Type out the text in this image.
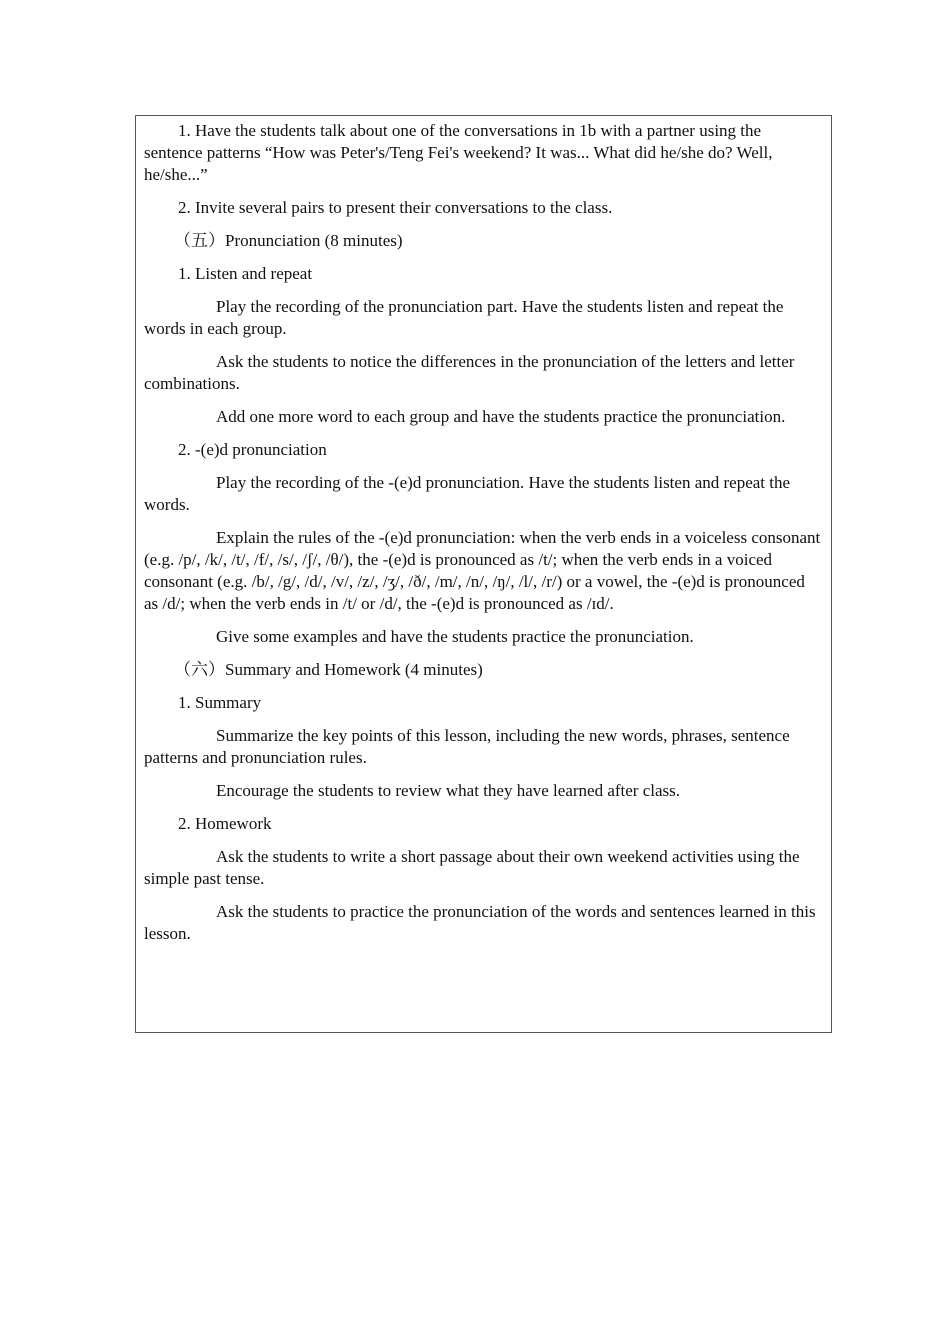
1. Have the students talk about one of the conversations in 1b with a partner using the sentence patterns “How was Peter's/Teng Fei's weekend? It was... What did he/she do? Well, he/she...”

2. Invite several pairs to present their conversations to the class.

（五）Pronunciation (8 minutes)

1. Listen and repeat

Play the recording of the pronunciation part. Have the students listen and repeat the words in each group.

Ask the students to notice the differences in the pronunciation of the letters and letter combinations.

Add one more word to each group and have the students practice the pronunciation.

2. -(e)d pronunciation

Play the recording of the -(e)d pronunciation. Have the students listen and repeat the words.

Explain the rules of the -(e)d pronunciation: when the verb ends in a voiceless consonant (e.g. /p/, /k/, /t/, /f/, /s/, /ʃ/, /θ/), the -(e)d is pronounced as /t/; when the verb ends in a voiced consonant (e.g. /b/, /g/, /d/, /v/, /z/, /ʒ/, /ð/, /m/, /n/, /ŋ/, /l/, /r/) or a vowel, the -(e)d is pronounced as /d/; when the verb ends in /t/ or /d/, the -(e)d is pronounced as /ɪd/.

Give some examples and have the students practice the pronunciation.

（六）Summary and Homework (4 minutes)

1. Summary

Summarize the key points of this lesson, including the new words, phrases, sentence patterns and pronunciation rules.

Encourage the students to review what they have learned after class.

2. Homework

Ask the students to write a short passage about their own weekend activities using the simple past tense.

Ask the students to practice the pronunciation of the words and sentences learned in this lesson.
